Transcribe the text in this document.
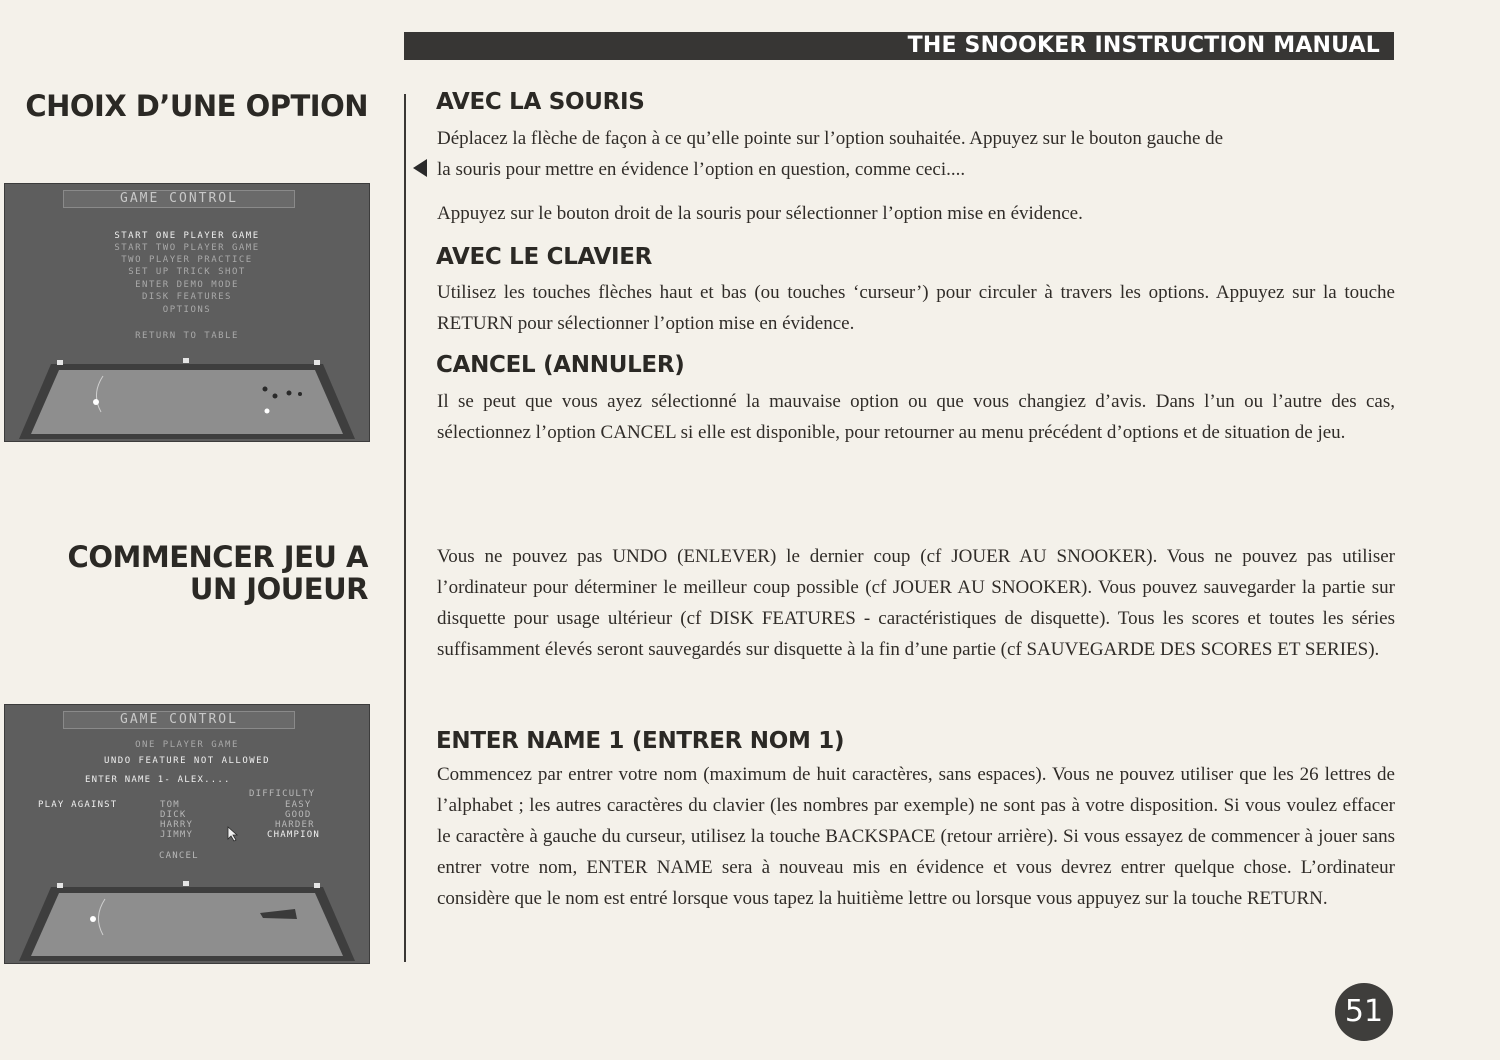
THE SNOOKER INSTRUCTION MANUAL
CHOIX D’UNE OPTION
COMMENCER JEU A
UN JOUEUR
GAME CONTROL
START ONE PLAYER GAME
START TWO PLAYER GAME
TWO PLAYER PRACTICE
SET UP TRICK SHOT
ENTER DEMO MODE
DISK FEATURES
OPTIONS
RETURN TO TABLE
GAME CONTROL
ONE PLAYER GAME
UNDO FEATURE NOT ALLOWED
ENTER NAME 1- ALEX....
DIFFICULTY
PLAY AGAINST	TOM
DICK
HARRY
JIMMY
EASY
GOOD
HARDER
CHAMPION
CANCEL
AVEC LA SOURIS
Déplacez la flèche de façon à ce qu’elle pointe sur l’option souhaitée. Appuyez sur le bouton gauche de
la souris pour mettre en évidence l’option en question, comme ceci....
Appuyez sur le bouton droit de la souris pour sélectionner l’option mise en évidence.
AVEC LE CLAVIER
Utilisez les touches flèches haut et bas (ou touches ‘curseur’) pour circuler à travers les options. Appuyez sur la touche RETURN pour sélectionner l’option mise en évidence.
CANCEL (ANNULER)
Il se peut que vous ayez sélectionné la mauvaise option ou que vous changiez d’avis. Dans l’un ou l’autre des cas, sélectionnez l’option CANCEL si elle est disponible, pour retourner au menu précédent d’options et de situation de jeu.
Vous ne pouvez pas UNDO (ENLEVER) le dernier coup (cf JOUER AU SNOOKER). Vous ne pouvez pas utiliser l’ordinateur pour déterminer le meilleur coup possible (cf JOUER AU SNOOKER). Vous pouvez sauvegarder la partie sur disquette pour usage ultérieur (cf DISK FEATURES - caractéristiques de disquette). Tous les scores et toutes les séries suffisamment élevés seront sauvegardés sur disquette à la fin d’une partie (cf SAUVEGARDE DES SCORES ET SERIES).
ENTER NAME 1 (ENTRER NOM 1)
Commencez par entrer votre nom (maximum de huit caractères, sans espaces). Vous ne pouvez utiliser que les 26 lettres de l’alphabet ; les autres caractères du clavier (les nombres par exemple) ne sont pas à votre disposition. Si vous voulez effacer le caractère à gauche du curseur, utilisez la touche BACKSPACE (retour arrière). Si vous essayez de commencer à jouer sans entrer votre nom, ENTER NAME sera à nouveau mis en évidence et vous devrez entrer quelque chose. L’ordinateur considère que le nom est entré lorsque vous tapez la huitième lettre ou lorsque vous appuyez sur la touche RETURN.
51
